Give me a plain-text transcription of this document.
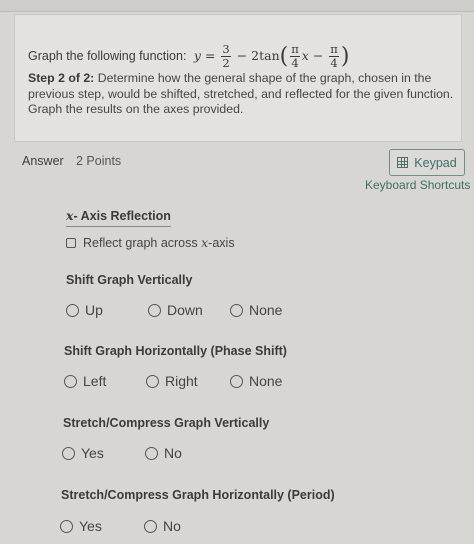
Graph the following function: $y = \frac{3}{2} - 2\tan( \frac{\pi}{4}$ $x - \frac{\pi}{4}$ )
Step 2 of 2: Determine how the general shape of the graph, chosen in the previous step, would be shifted, stretched, and reflected for the given function. Graph the results on the axes provided.
Answer 2 Points	Keypad
Keyboard Shortcuts
x- Axis Reflection
Reflect graph across x-axis
Shift Graph Vertically
Up	Down	None
Shift Graph Horizontally (Phase Shift)
Left	Right	None
Stretch/Compress Graph Vertically
Yes	No
Stretch/Compress Graph Horizontally (Period)
Yes	No
